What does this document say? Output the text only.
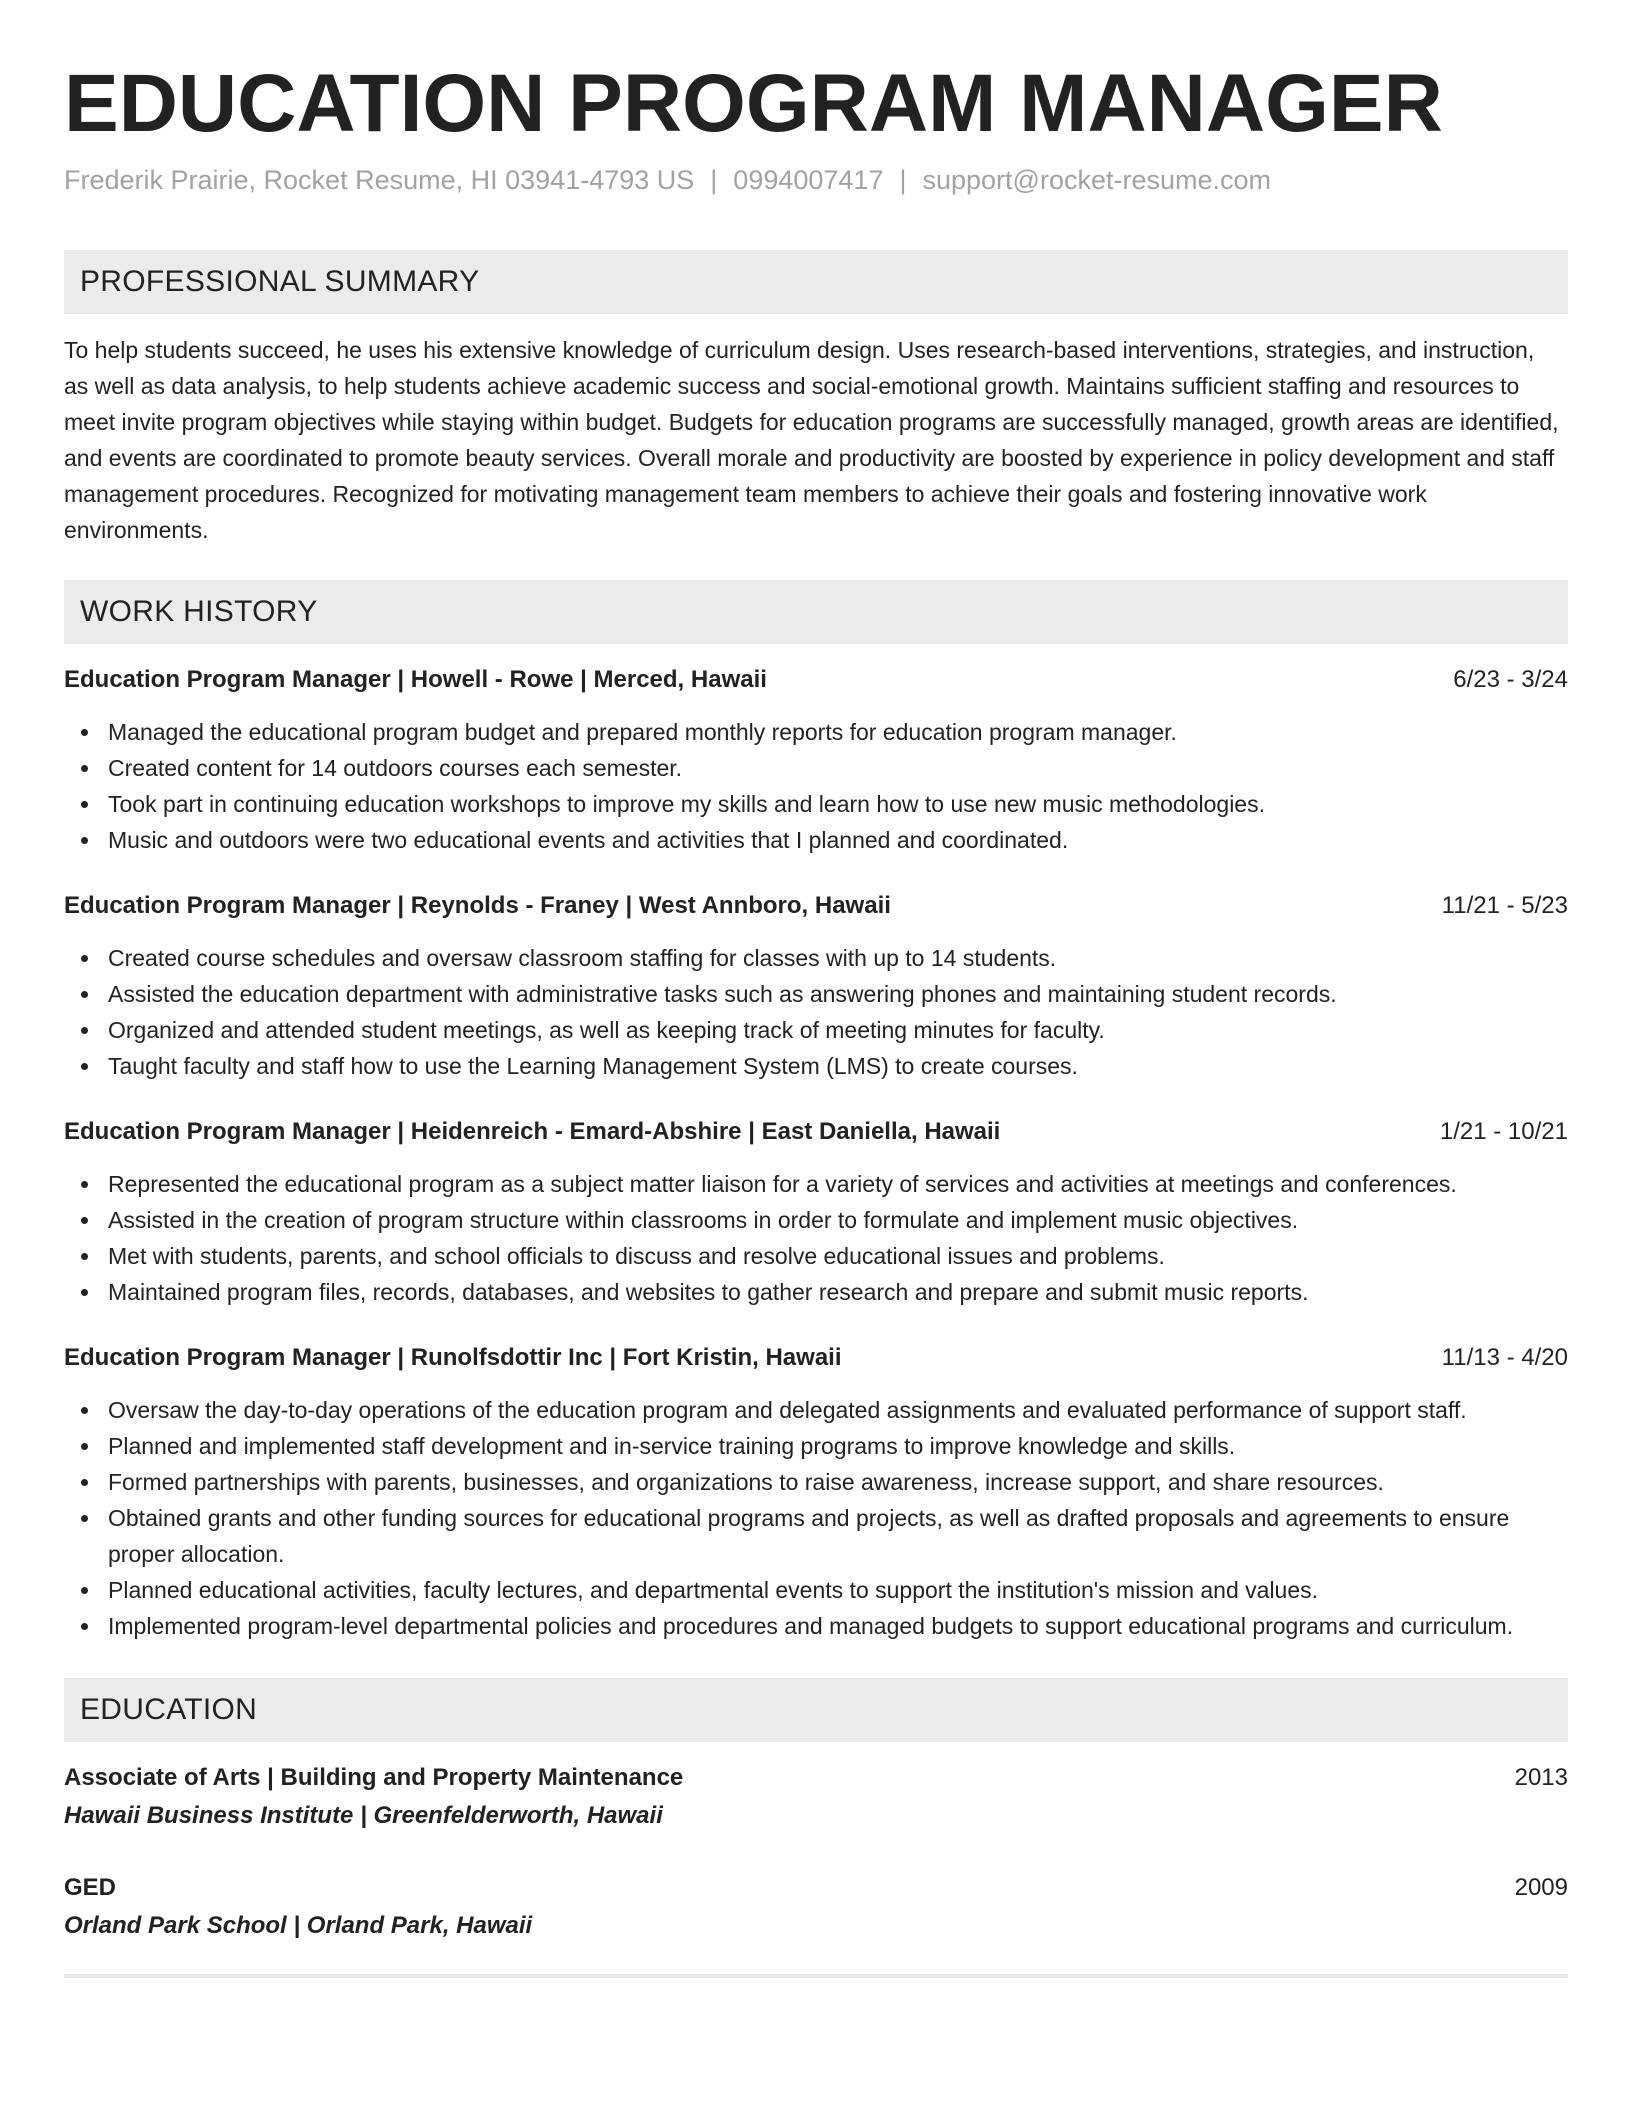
EDUCATION PROGRAM MANAGER
Frederik Prairie, Rocket Resume, HI 03941-4793 US | 0994007417 | support@rocket-resume.com
PROFESSIONAL SUMMARY

To help students succeed, he uses his extensive knowledge of curriculum design. Uses research-based interventions, strategies, and instruction, as well as data analysis, to help students achieve academic success and social-emotional growth. Maintains sufficient staffing and resources to meet invite program objectives while staying within budget. Budgets for education programs are successfully managed, growth areas are identified, and events are coordinated to promote beauty services. Overall morale and productivity are boosted by experience in policy development and staff management procedures. Recognized for motivating management team members to achieve their goals and fostering innovative work environments.

WORK HISTORY
Education Program Manager | Howell - Rowe | Merced, Hawaii	6/23 - 3/24
Managed the educational program budget and prepared monthly reports for education program manager.
Created content for 14 outdoors courses each semester.
Took part in continuing education workshops to improve my skills and learn how to use new music methodologies.
Music and outdoors were two educational events and activities that I planned and coordinated.
Education Program Manager | Reynolds - Franey | West Annboro, Hawaii	11/21 - 5/23
Created course schedules and oversaw classroom staffing for classes with up to 14 students.
Assisted the education department with administrative tasks such as answering phones and maintaining student records.
Organized and attended student meetings, as well as keeping track of meeting minutes for faculty.
Taught faculty and staff how to use the Learning Management System (LMS) to create courses.
Education Program Manager | Heidenreich - Emard-Abshire | East Daniella, Hawaii	1/21 - 10/21
Represented the educational program as a subject matter liaison for a variety of services and activities at meetings and conferences.
Assisted in the creation of program structure within classrooms in order to formulate and implement music objectives.
Met with students, parents, and school officials to discuss and resolve educational issues and problems.
Maintained program files, records, databases, and websites to gather research and prepare and submit music reports.
Education Program Manager | Runolfsdottir Inc | Fort Kristin, Hawaii	11/13 - 4/20
Oversaw the day-to-day operations of the education program and delegated assignments and evaluated performance of support staff.
Planned and implemented staff development and in-service training programs to improve knowledge and skills.
Formed partnerships with parents, businesses, and organizations to raise awareness, increase support, and share resources.
Obtained grants and other funding sources for educational programs and projects, as well as drafted proposals and agreements to ensure proper allocation.
Planned educational activities, faculty lectures, and departmental events to support the institution's mission and values.
Implemented program-level departmental policies and procedures and managed budgets to support educational programs and curriculum.
EDUCATION
Associate of Arts | Building and Property Maintenance	2013
Hawaii Business Institute | Greenfelderworth, Hawaii
GED	2009
Orland Park School | Orland Park, Hawaii
